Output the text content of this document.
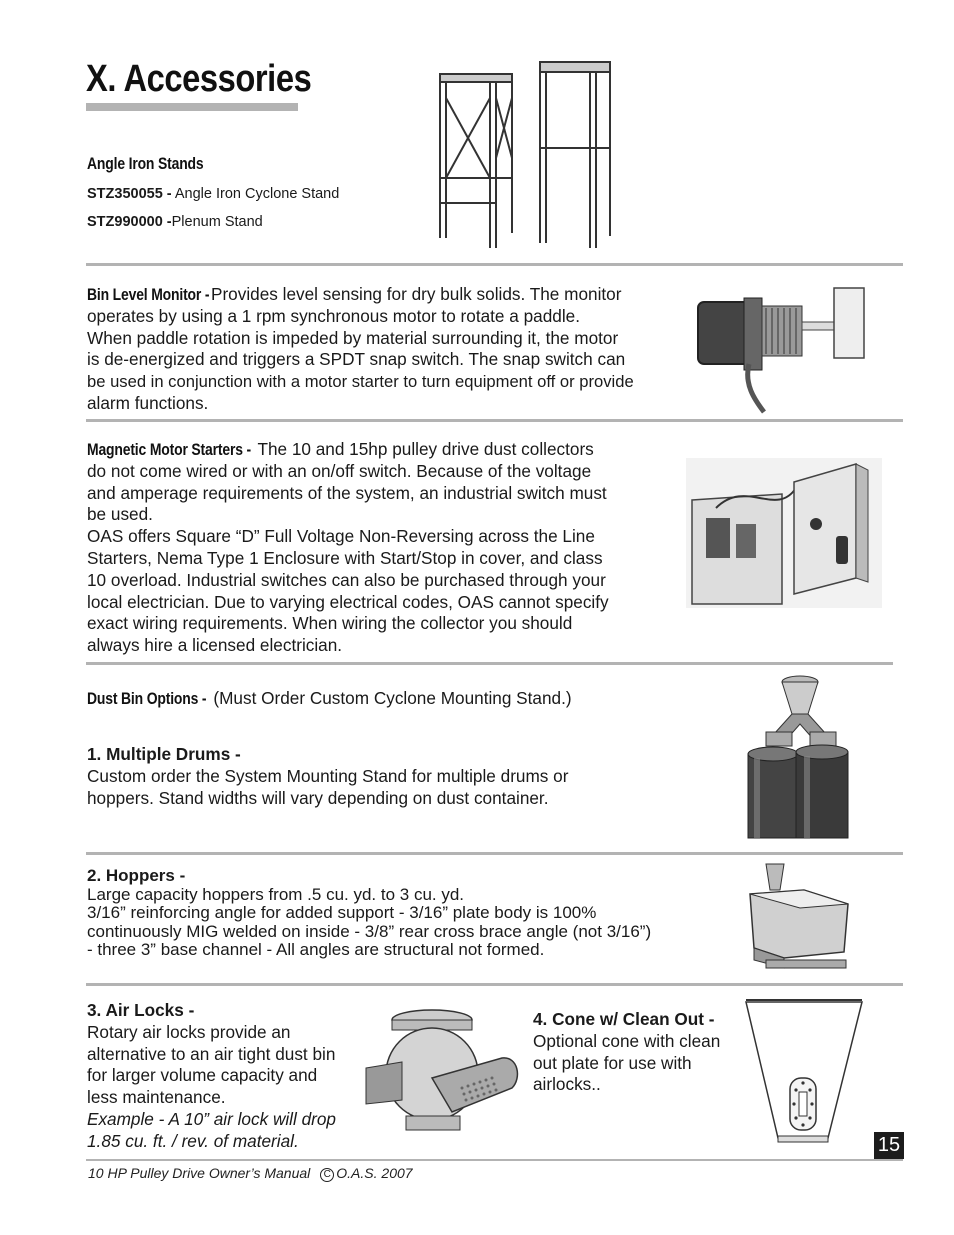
X. Accessories
Angle Iron Stands
STZ350055 - Angle Iron Cyclone Stand
STZ990000 -Plenum Stand
Bin Level Monitor - Provides level sensing for dry bulk solids. The monitor
operates by using a 1 rpm synchronous motor to rotate a paddle.
When paddle rotation is impeded by material surrounding it, the motor
is de-energized and triggers a SPDT snap switch. The snap switch can
be used in conjunction with a motor starter to turn equipment off or provide
alarm functions.
Magnetic Motor Starters - The 10 and 15hp pulley drive dust collectors
do not come wired or with an on/off switch. Because of the voltage
and amperage requirements of the system, an industrial switch must
be used.
OAS offers Square “D” Full Voltage Non-Reversing across the Line
Starters, Nema Type 1 Enclosure with Start/Stop in cover, and class
10 overload. Industrial switches can also be purchased through your
local electrician. Due to varying electrical codes, OAS cannot specify
exact wiring requirements. When wiring the collector you should
always hire a licensed electrician.
Dust Bin Options - (Must Order Custom Cyclone Mounting Stand.)
1. Multiple Drums -
Custom order the System Mounting Stand for multiple drums or
hoppers. Stand widths will vary depending on dust container.
2. Hoppers -
Large capacity hoppers from .5 cu. yd. to 3 cu. yd.
3/16” reinforcing angle for added support - 3/16” plate body is 100%
continuously MIG welded on inside - 3/8” rear cross brace angle (not 3/16”)
- three 3” base channel - All angles are structural not formed.
3. Air Locks -
Rotary air locks provide an
alternative to an air tight dust bin
for larger volume capacity and
less maintenance.
Example - A 10” air lock will drop
1.85 cu. ft. / rev. of material.
4. Cone w/ Clean Out -
Optional cone with clean
out plate for use with
airlocks..
15
10 HP Pulley Drive Owner’s Manual C O.A.S. 2007
